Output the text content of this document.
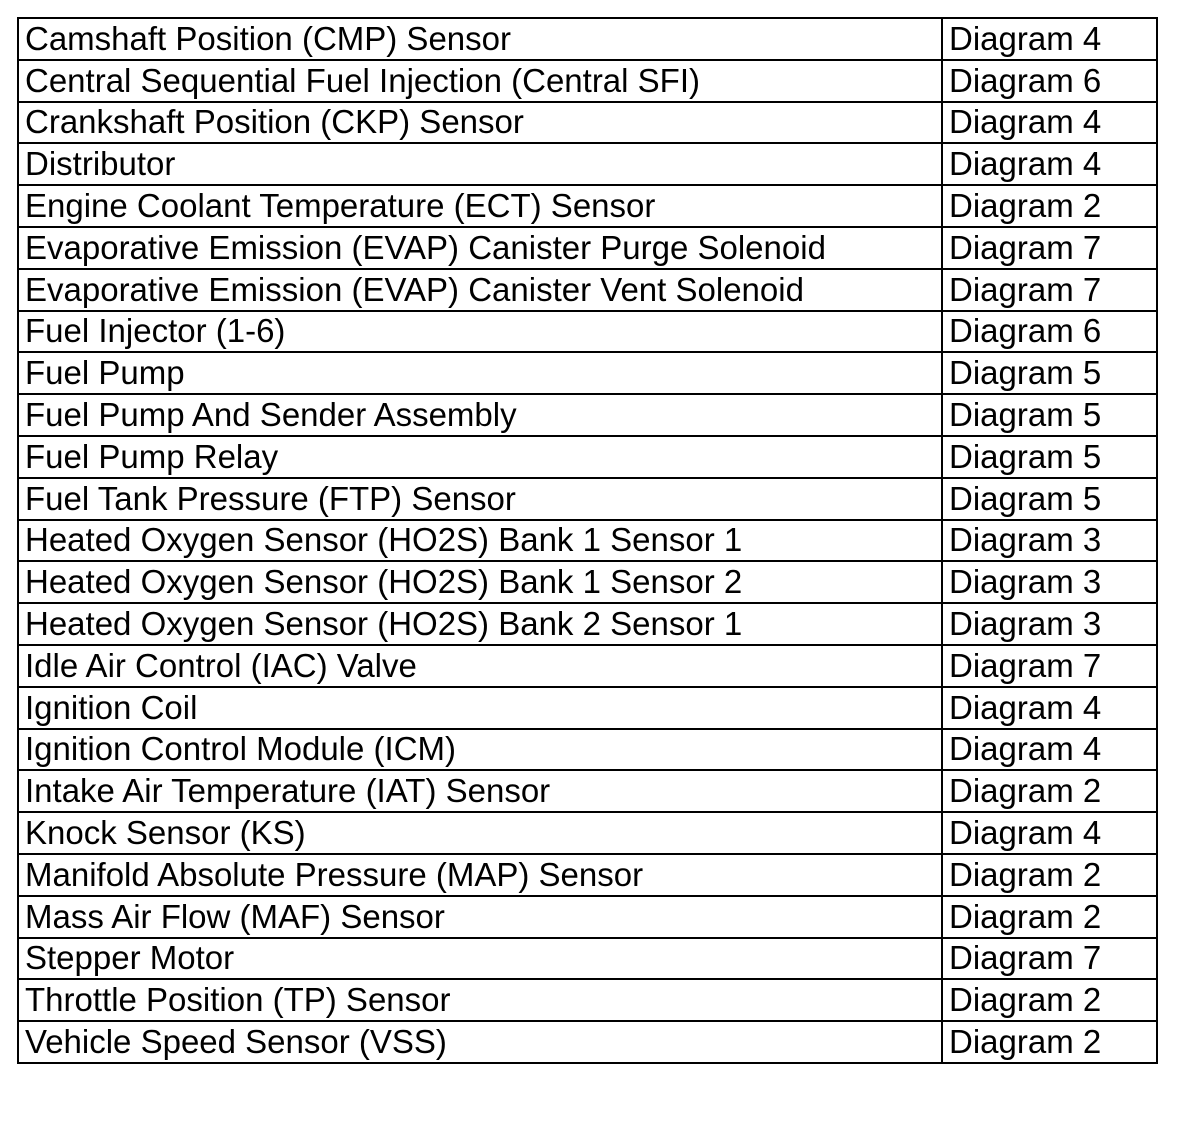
Camshaft Position (CMP) Sensor	Diagram 4
Central Sequential Fuel Injection (Central SFI)	Diagram 6
Crankshaft Position (CKP) Sensor	Diagram 4
Distributor	Diagram 4
Engine Coolant Temperature (ECT) Sensor	Diagram 2
Evaporative Emission (EVAP) Canister Purge Solenoid	Diagram 7
Evaporative Emission (EVAP) Canister Vent Solenoid	Diagram 7
Fuel Injector (1-6)	Diagram 6
Fuel Pump	Diagram 5
Fuel Pump And Sender Assembly	Diagram 5
Fuel Pump Relay	Diagram 5
Fuel Tank Pressure (FTP) Sensor	Diagram 5
Heated Oxygen Sensor (HO2S) Bank 1 Sensor 1	Diagram 3
Heated Oxygen Sensor (HO2S) Bank 1 Sensor 2	Diagram 3
Heated Oxygen Sensor (HO2S) Bank 2 Sensor 1	Diagram 3
Idle Air Control (IAC) Valve	Diagram 7
Ignition Coil	Diagram 4
Ignition Control Module (ICM)	Diagram 4
Intake Air Temperature (IAT) Sensor	Diagram 2
Knock Sensor (KS)	Diagram 4
Manifold Absolute Pressure (MAP) Sensor	Diagram 2
Mass Air Flow (MAF) Sensor	Diagram 2
Stepper Motor	Diagram 7
Throttle Position (TP) Sensor	Diagram 2
Vehicle Speed Sensor (VSS)	Diagram 2
